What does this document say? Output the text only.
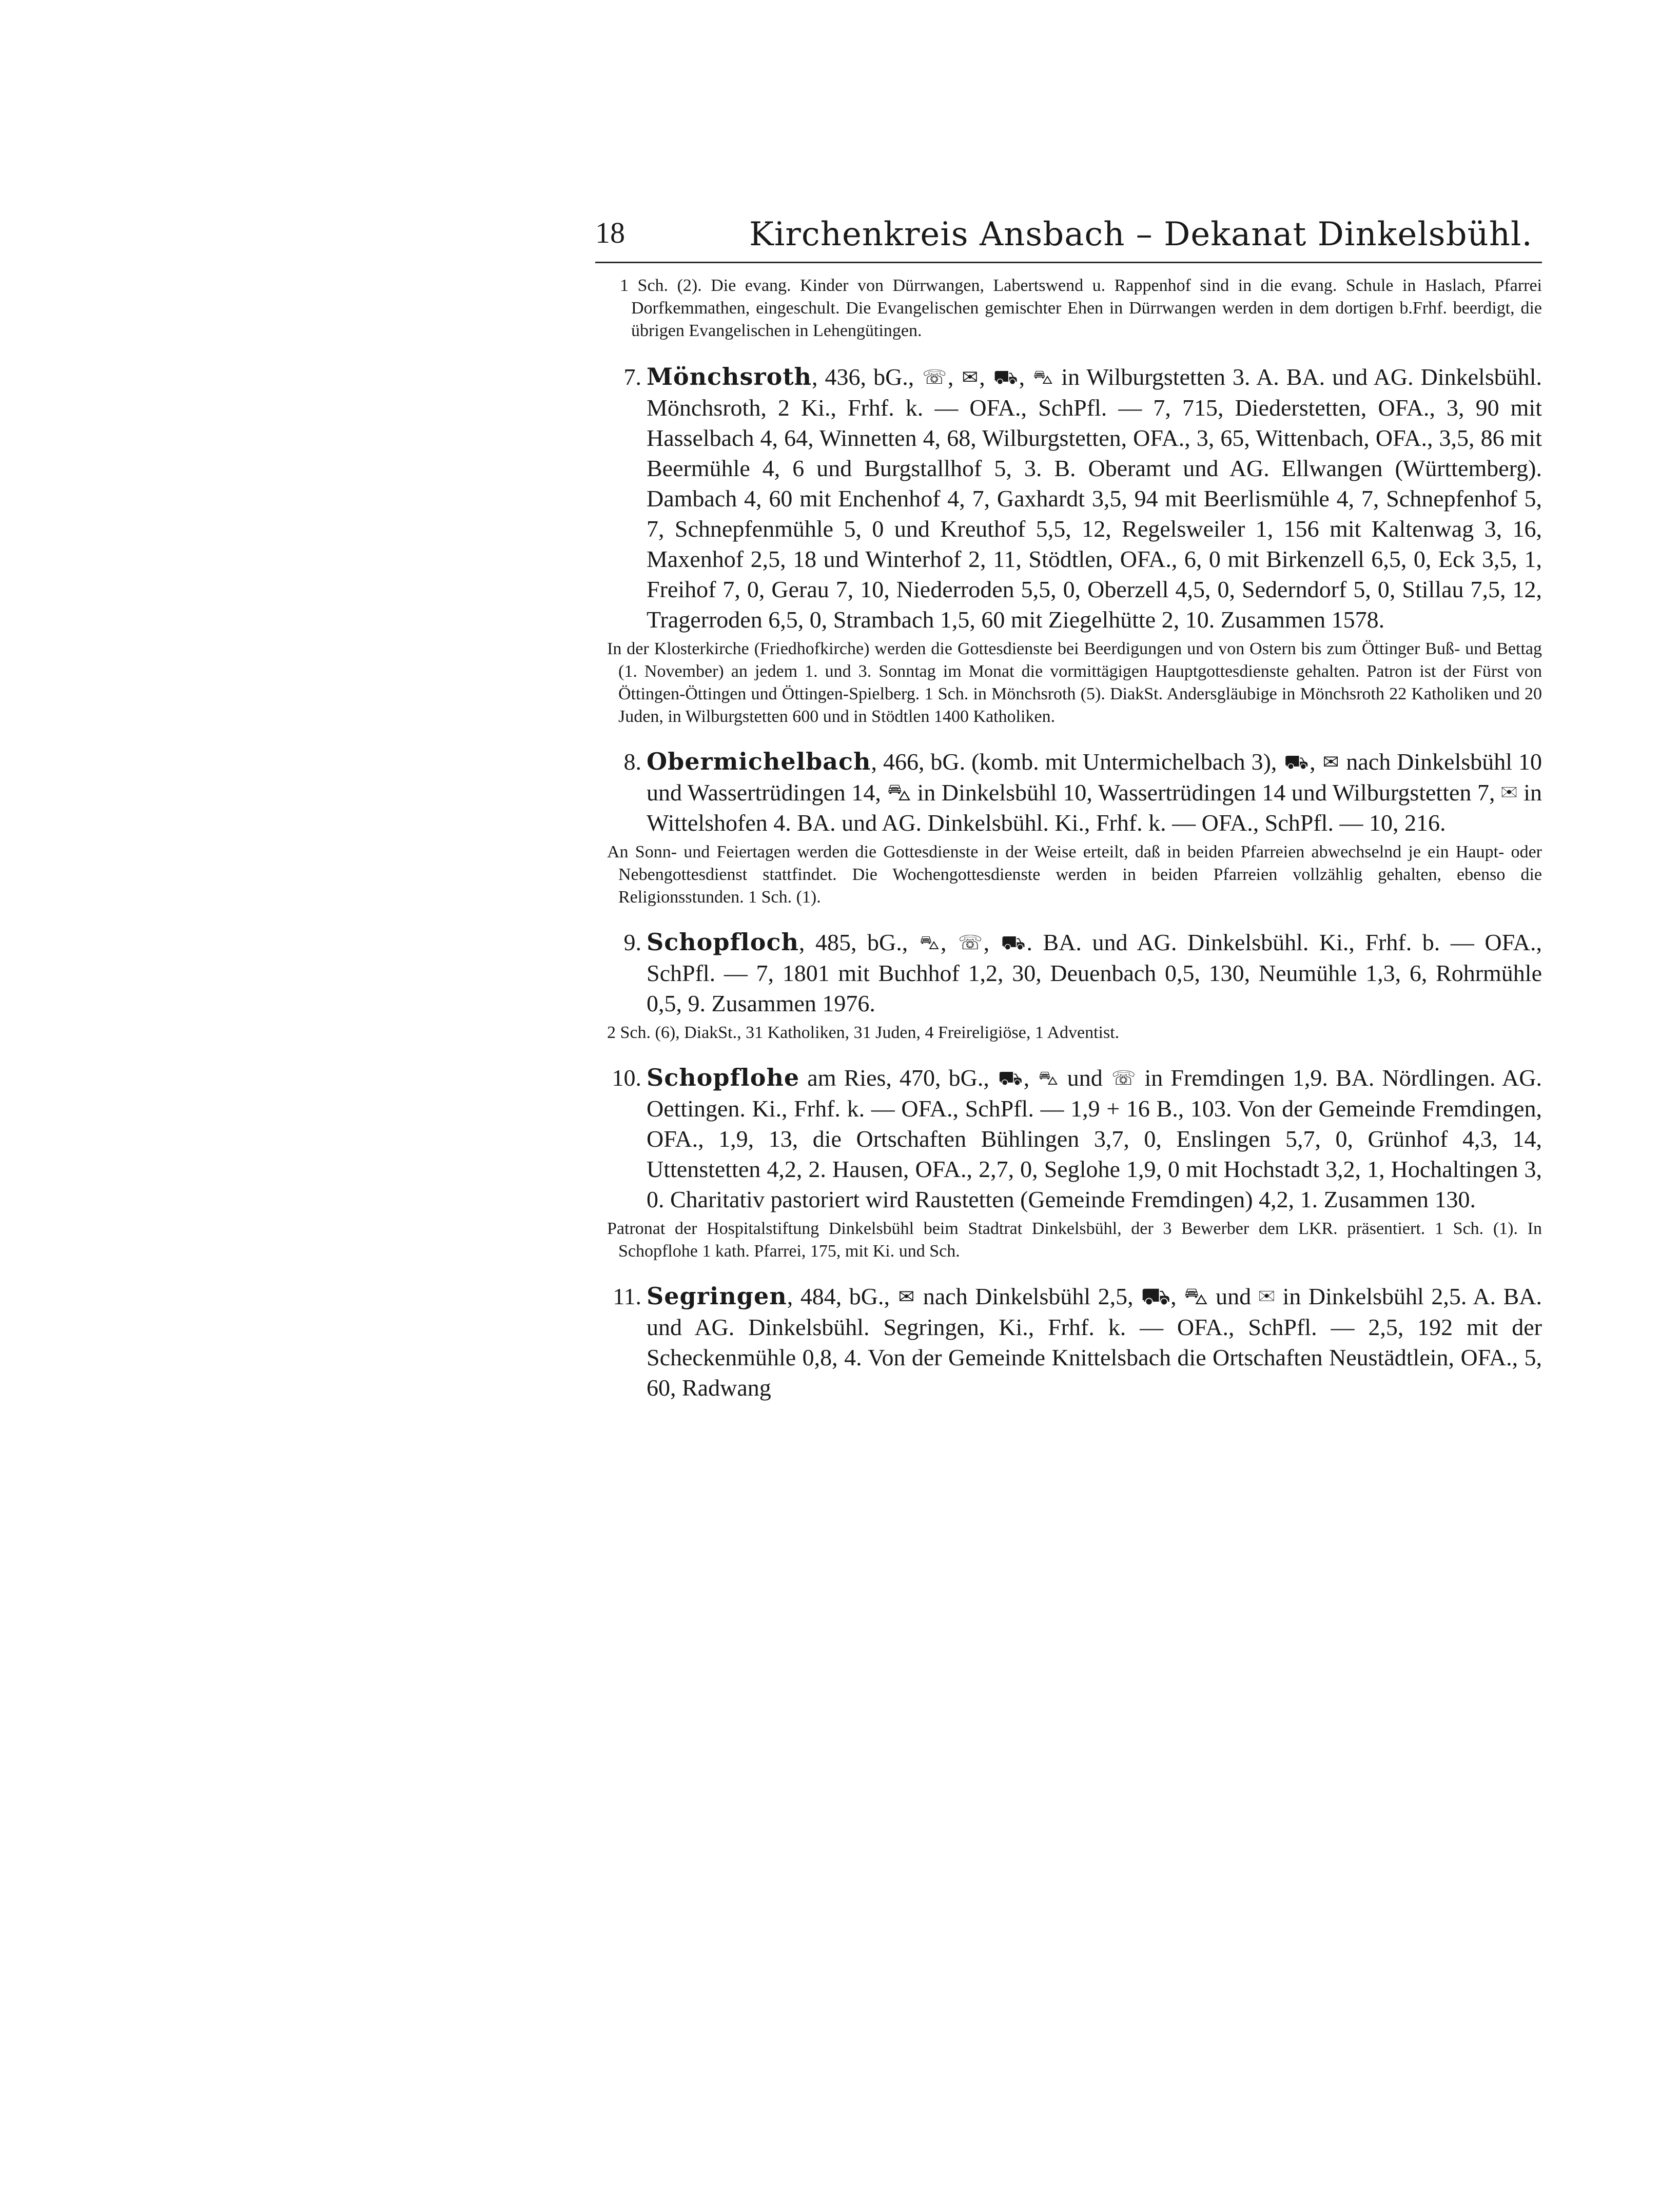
18	Kirchenkreis Ansbach – Dekanat Dinkelsbühl.

1 Sch. (2). Die evang. Kinder von Dürrwangen, Labertswend u. Rappenhof sind in die evang. Schule in Haslach, Pfarrei Dorfkemmathen, eingeschult. Die Evangelischen gemischter Ehen in Dürrwangen werden in dem dortigen b.Frhf. beerdigt, die übrigen Evangelischen in Lehengütingen.

7. Mönchsroth, 436, bG., ☏, ✉, ⛟, ⛍ in Wilburgstetten 3. A. BA. und AG. Dinkelsbühl. Mönchsroth, 2 Ki., Frhf. k. — OFA., SchPfl. — 7, 715, Diederstetten, OFA., 3, 90 mit Hasselbach 4, 64, Winnetten 4, 68, Wilburgstetten, OFA., 3, 65, Wittenbach, OFA., 3,5, 86 mit Beermühle 4, 6 und Burgstallhof 5, 3. B. Oberamt und AG. Ellwangen (Württemberg). Dambach 4, 60 mit Enchenhof 4, 7, Gaxhardt 3,5, 94 mit Beerlismühle 4, 7, Schnepfenhof 5, 7, Schnepfenmühle 5, 0 und Kreuthof 5,5, 12, Regelsweiler 1, 156 mit Kaltenwag 3, 16, Maxenhof 2,5, 18 und Winterhof 2, 11, Stödtlen, OFA., 6, 0 mit Birkenzell 6,5, 0, Eck 3,5, 1, Freihof 7, 0, Gerau 7, 10, Niederroden 5,5, 0, Oberzell 4,5, 0, Sederndorf 5, 0, Stillau 7,5, 12, Tragerroden 6,5, 0, Strambach 1,5, 60 mit Ziegelhütte 2, 10. Zusammen 1578.

In der Klosterkirche (Friedhofkirche) werden die Gottesdienste bei Beerdigungen und von Ostern bis zum Öttinger Buß- und Bettag (1. November) an jedem 1. und 3. Sonntag im Monat die vormittägigen Hauptgottesdienste gehalten. Patron ist der Fürst von Öttingen-Öttingen und Öttingen-Spielberg. 1 Sch. in Mönchsroth (5). DiakSt. Andersgläubige in Mönchsroth 22 Katholiken und 20 Juden, in Wilburgstetten 600 und in Stödtlen 1400 Katholiken.

8. Obermichelbach, 466, bG. (komb. mit Untermichelbach 3), ⛟, ✉ nach Dinkelsbühl 10 und Wassertrüdingen 14, ⛍ in Dinkelsbühl 10, Wassertrüdingen 14 und Wilburgstetten 7, ✉ in Wittelshofen 4. BA. und AG. Dinkelsbühl. Ki., Frhf. k. — OFA., SchPfl. — 10, 216.

An Sonn- und Feiertagen werden die Gottesdienste in der Weise erteilt, daß in beiden Pfarreien abwechselnd je ein Haupt- oder Nebengottesdienst stattfindet. Die Wochengottesdienste werden in beiden Pfarreien vollzählig gehalten, ebenso die Religionsstunden. 1 Sch. (1).

9. Schopfloch, 485, bG., ⛍, ☏, ⛟. BA. und AG. Dinkelsbühl. Ki., Frhf. b. — OFA., SchPfl. — 7, 1801 mit Buchhof 1,2, 30, Deuenbach 0,5, 130, Neumühle 1,3, 6, Rohrmühle 0,5, 9. Zusammen 1976.

2 Sch. (6), DiakSt., 31 Katholiken, 31 Juden, 4 Freireligiöse, 1 Adventist.

10. Schopflohe am Ries, 470, bG., ⛟, ⛍ und ☏ in Fremdingen 1,9. BA. Nördlingen. AG. Oettingen. Ki., Frhf. k. — OFA., SchPfl. — 1,9 + 16 B., 103. Von der Gemeinde Fremdingen, OFA., 1,9, 13, die Ortschaften Bühlingen 3,7, 0, Enslingen 5,7, 0, Grünhof 4,3, 14, Uttenstetten 4,2, 2. Hausen, OFA., 2,7, 0, Seglohe 1,9, 0 mit Hochstadt 3,2, 1, Hochaltingen 3, 0. Charitativ pastoriert wird Raustetten (Gemeinde Fremdingen) 4,2, 1. Zusammen 130.

Patronat der Hospitalstiftung Dinkelsbühl beim Stadtrat Dinkelsbühl, der 3 Bewerber dem LKR. präsentiert. 1 Sch. (1). In Schopflohe 1 kath. Pfarrei, 175, mit Ki. und Sch.

11. Segringen, 484, bG., ✉ nach Dinkelsbühl 2,5, ⛟, ⛍ und ✉ in Dinkelsbühl 2,5. A. BA. und AG. Dinkelsbühl. Segringen, Ki., Frhf. k. — OFA., SchPfl. — 2,5, 192 mit der Scheckenmühle 0,8, 4. Von der Gemeinde Knittelsbach die Ortschaften Neustädtlein, OFA., 5, 60, Radwang
